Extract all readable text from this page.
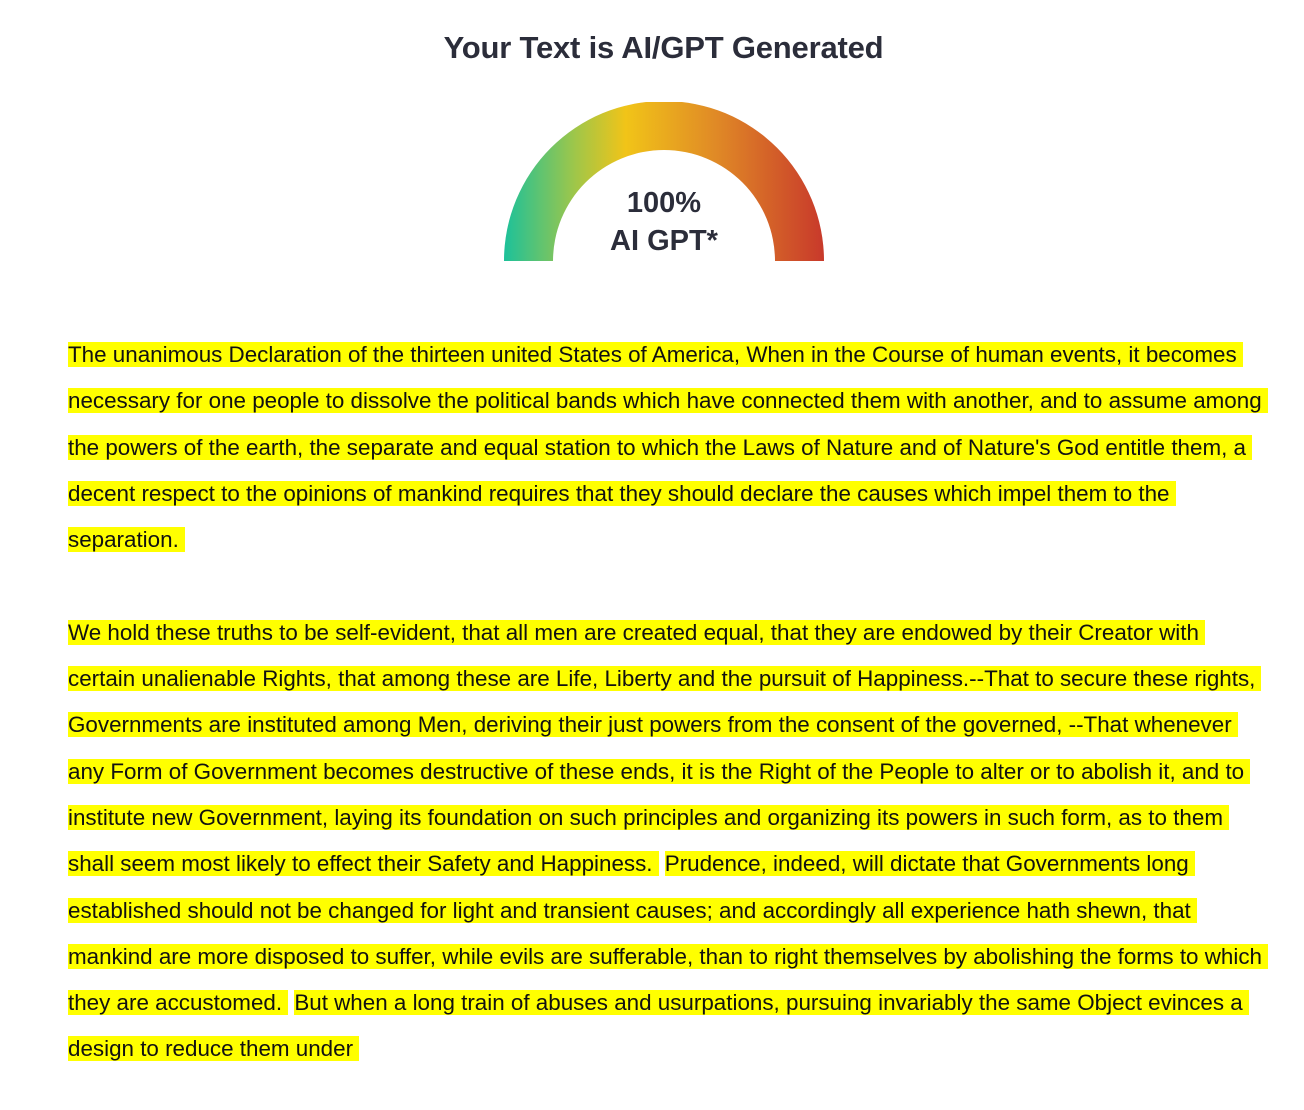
Your Text is AI/GPT Generated
100%
AI GPT*

The unanimous Declaration of the thirteen united States of America, When in the Course of human events, it becomes necessary for one people to dissolve the political bands which have connected them with another, and to assume among the powers of the earth, the separate and equal station to which the Laws of Nature and of Nature's God entitle them, a decent respect to the opinions of mankind requires that they should declare the causes which impel them to the separation.

We hold these truths to be self-evident, that all men are created equal, that they are endowed by their Creator with certain unalienable Rights, that among these are Life, Liberty and the pursuit of Happiness.--That to secure these rights, Governments are instituted among Men, deriving their just powers from the consent of the governed, --That whenever any Form of Government becomes destructive of these ends, it is the Right of the People to alter or to abolish it, and to institute new Government, laying its foundation on such principles and organizing its powers in such form, as to them shall seem most likely to effect their Safety and Happiness. Prudence, indeed, will dictate that Governments long established should not be changed for light and transient causes; and accordingly all experience hath shewn, that mankind are more disposed to suffer, while evils are sufferable, than to right themselves by abolishing the forms to which they are accustomed. But when a long train of abuses and usurpations, pursuing invariably the same Object evinces a design to reduce them under
